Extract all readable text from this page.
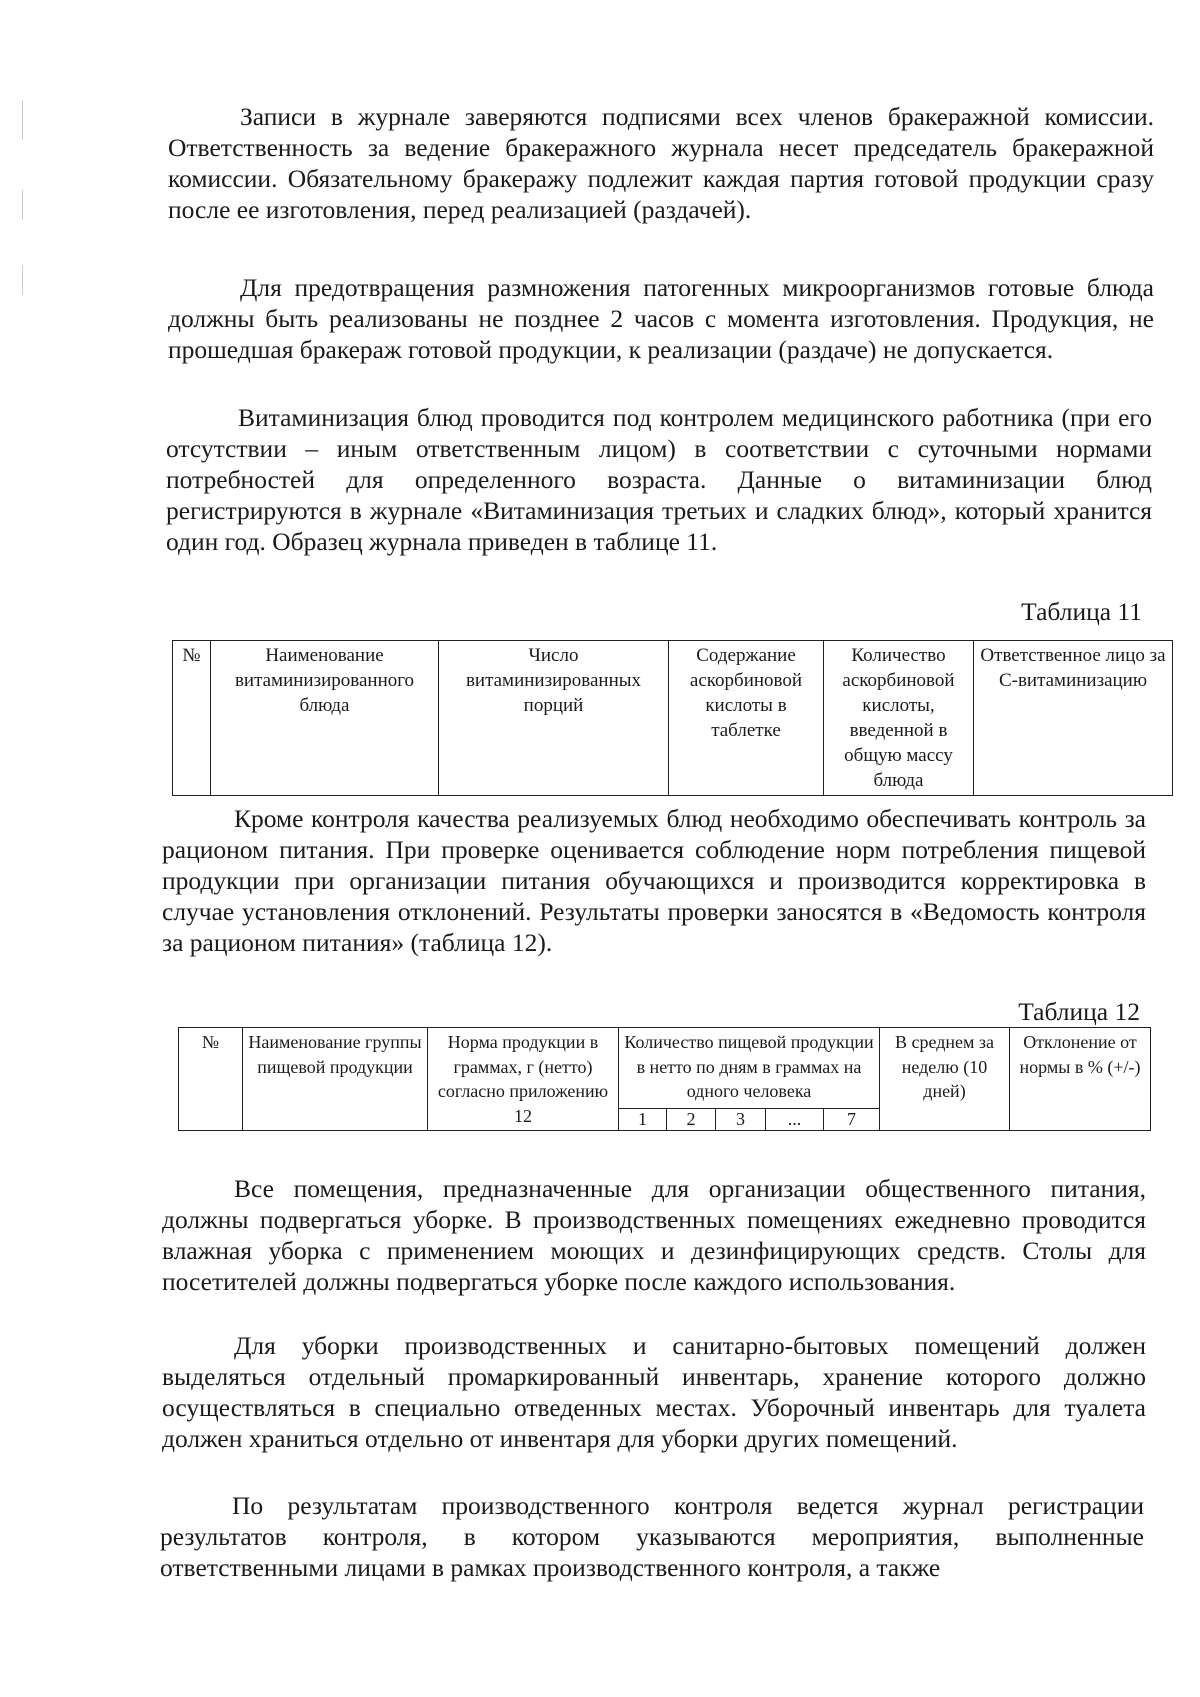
Записи в журнале заверяются подписями всех членов бракеражной комиссии. Ответственность за ведение бракеражного журнала несет председатель бракеражной комиссии. Обязательному бракеражу подлежит каждая партия готовой продукции сразу после ее изготовления, перед реализацией (раздачей).

Для предотвращения размножения патогенных микроорганизмов готовые блюда должны быть реализованы не позднее 2 часов с момента изготовления. Продукция, не прошедшая бракераж готовой продукции, к реализации (раздаче) не допускается.

Витаминизация блюд проводится под контролем медицинского работника (при его отсутствии – иным ответственным лицом) в соответствии с суточными нормами потребностей для определенного возраста. Данные о витаминизации блюд регистрируются в журнале «Витаминизация третьих и сладких блюд», который хранится один год. Образец журнала приведен в таблице 11.

Таблица 11

№	Наименование витаминизированного блюда	Число витаминизированных порций	Содержание аскорбиновой кислоты в таблетке	Количество аскорбиновой кислоты, введенной в общую массу блюда	Ответственное лицо за С-витаминизацию

Кроме контроля качества реализуемых блюд необходимо обеспечивать контроль за рационом питания. При проверке оценивается соблюдение норм потребления пищевой продукции при организации питания обучающихся и производится корректировка в случае установления отклонений. Результаты проверки заносятся в «Ведомость контроля за рационом питания» (таблица 12).

Таблица 12

№	Наименование группы пищевой продукции	Норма продукции в граммах, г (нетто) согласно приложению 12	Количество пищевой продукции в нетто по дням в граммах на одного человека					В среднем за неделю (10 дней)	Отклонение от нормы в % (+/-)
			1	2	3	...	7		

Все помещения, предназначенные для организации общественного питания, должны подвергаться уборке. В производственных помещениях ежедневно проводится влажная уборка с применением моющих и дезинфицирующих средств. Столы для посетителей должны подвергаться уборке после каждого использования.

Для уборки производственных и санитарно-бытовых помещений должен выделяться отдельный промаркированный инвентарь, хранение которого должно осуществляться в специально отведенных местах. Уборочный инвентарь для туалета должен храниться отдельно от инвентаря для уборки других помещений.

По результатам производственного контроля ведется журнал регистрации результатов контроля, в котором указываются мероприятия, выполненные ответственными лицами в рамках производственного контроля, а также
